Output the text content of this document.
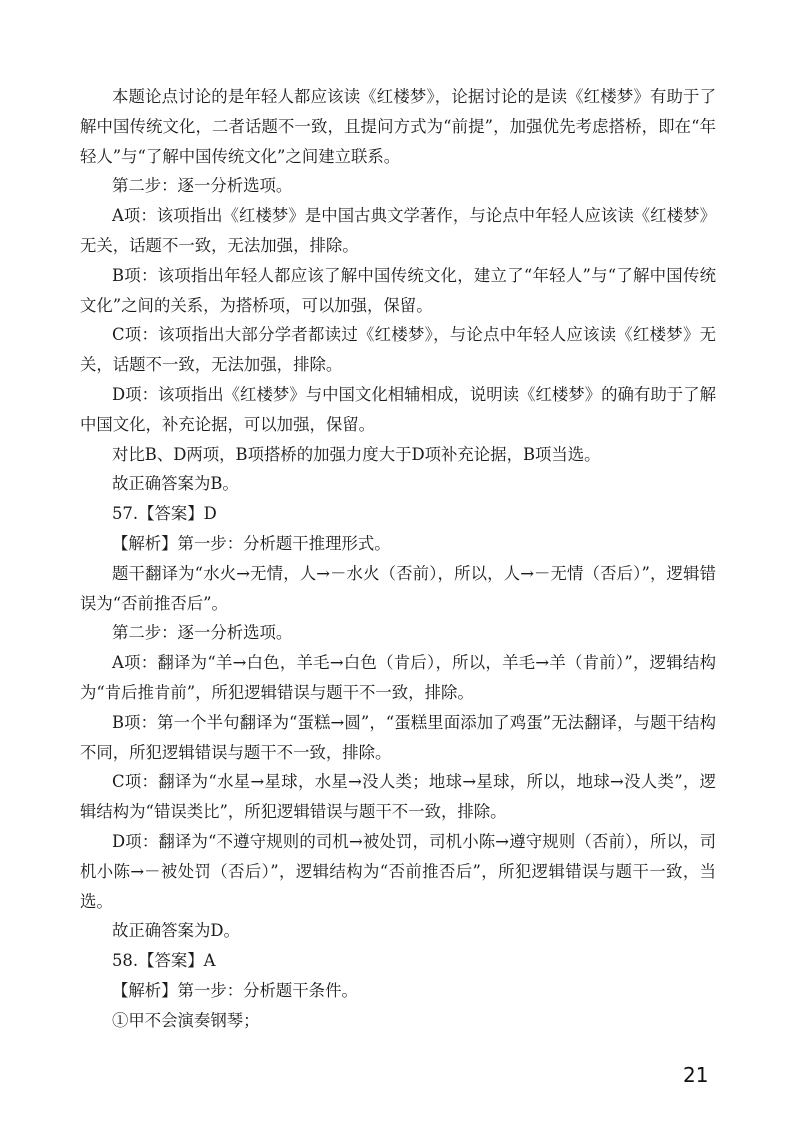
本题论点讨论的是年轻人都应该读《红楼梦》，论据讨论的是读《红楼梦》有助于了解中国传统文化，二者话题不一致，且提问方式为“前提”，加强优先考虑搭桥，即在“年轻人”与“了解中国传统文化”之间建立联系。

第二步：逐一分析选项。

A项：该项指出《红楼梦》是中国古典文学著作，与论点中年轻人应该读《红楼梦》无关，话题不一致，无法加强，排除。

B项：该项指出年轻人都应该了解中国传统文化，建立了“年轻人”与“了解中国传统文化”之间的关系，为搭桥项，可以加强，保留。

C项：该项指出大部分学者都读过《红楼梦》，与论点中年轻人应该读《红楼梦》无关，话题不一致，无法加强，排除。

D项：该项指出《红楼梦》与中国文化相辅相成，说明读《红楼梦》的确有助于了解中国文化，补充论据，可以加强，保留。

对比B、D两项，B项搭桥的加强力度大于D项补充论据，B项当选。

故正确答案为B。

57.【答案】D

【解析】第一步：分析题干推理形式。

题干翻译为“水火→无情，人→－水火（否前），所以，人→－无情（否后）”，逻辑错误为“否前推否后”。

第二步：逐一分析选项。

A项：翻译为“羊→白色，羊毛→白色（肯后），所以，羊毛→羊（肯前）”，逻辑结构为“肯后推肯前”，所犯逻辑错误与题干不一致，排除。

B项：第一个半句翻译为“蛋糕→圆”，“蛋糕里面添加了鸡蛋”无法翻译，与题干结构不同，所犯逻辑错误与题干不一致，排除。

C项：翻译为“水星→星球，水星→没人类；地球→星球，所以，地球→没人类”，逻辑结构为“错误类比”，所犯逻辑错误与题干不一致，排除。

D项：翻译为“不遵守规则的司机→被处罚，司机小陈→遵守规则（否前），所以，司机小陈→－被处罚（否后）”，逻辑结构为“否前推否后”，所犯逻辑错误与题干一致，当选。

故正确答案为D。

58.【答案】A

【解析】第一步：分析题干条件。

①甲不会演奏钢琴；

21
